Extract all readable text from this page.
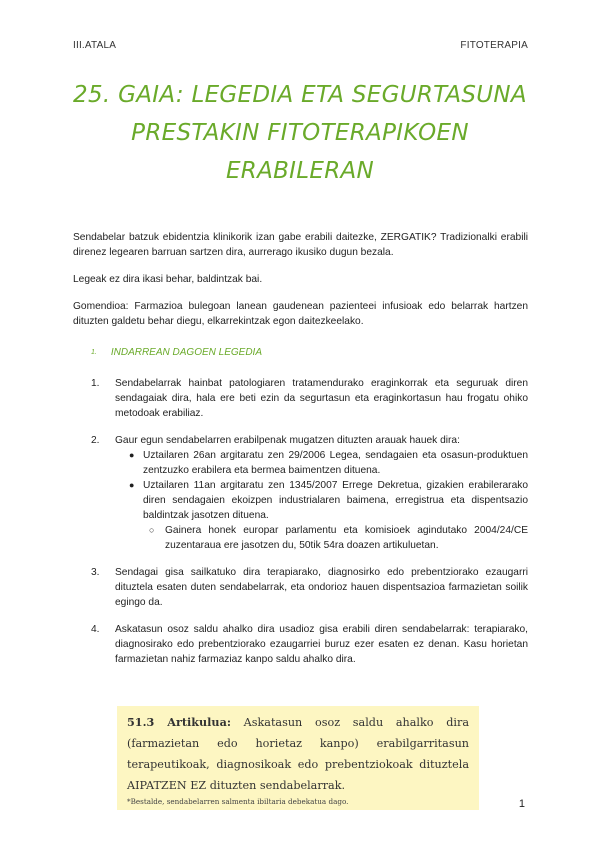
III.ATALA	FITOTERAPIA
25. GAIA: LEGEDIA ETA SEGURTASUNA
PRESTAKIN FITOTERAPIKOEN
ERABILERAN

Sendabelar batzuk ebidentzia klinikorik izan gabe erabili daitezke, ZERGATIK? Tradizionalki erabili direnez legearen barruan sartzen dira, aurrerago ikusiko dugun bezala.

Legeak ez dira ikasi behar, baldintzak bai.

Gomendioa: Farmazioa bulegoan lanean gaudenean pazienteei infusioak edo belarrak hartzen dituzten galdetu behar diegu, elkarrekintzak egon daitezkeelako.

1. INDARREAN DAGOEN LEGEDIA
1.	Sendabelarrak hainbat patologiaren tratamendurako eraginkorrak eta seguruak diren sendagaiak dira, hala ere beti ezin da segurtasun eta eraginkortasun hau frogatu ohiko metodoak erabiliaz.
2.	Gaur egun sendabelarren erabilpenak mugatzen dituzten arauak hauek dira:
● Uztailaren 26an argitaratu zen 29/2006 Legea, sendagaien eta osasun-produktuen zentzuzko erabilera eta bermea baimentzen dituena.
● Uztailaren 11an argitaratu zen 1345/2007 Errege Dekretua, gizakien erabilerarako diren sendagaien ekoizpen industrialaren baimena, erregistrua eta dispentsazio baldintzak jasotzen dituena.
○	Gainera honek europar parlamentu eta komisioek agindutako 2004/24/CE zuzentaraua ere jasotzen du, 50tik 54ra doazen artikuluetan.
3.	Sendagai gisa sailkatuko dira terapiarako, diagnosirko edo prebentziorako ezaugarri dituztela esaten duten sendabelarrak, eta ondorioz hauen dispentsazioa farmazietan soilik egingo da.
4.	Askatasun osoz saldu ahalko dira usadioz gisa erabili diren sendabelarrak: terapiarako, diagnosirako edo prebentziorako ezaugarriei buruz ezer esaten ez denan. Kasu horietan farmazietan nahiz farmaziaz kanpo saldu ahalko dira.
51.3 Artikulua: Askatasun osoz saldu ahalko dira (farmazietan edo horietaz kanpo) erabilgarritasun terapeutikoak, diagnosikoak edo prebentziokoak dituztela AIPATZEN EZ dituzten sendabelarrak.
*Bestalde, sendabelarren salmenta ibiltaria debekatua dago.	1
